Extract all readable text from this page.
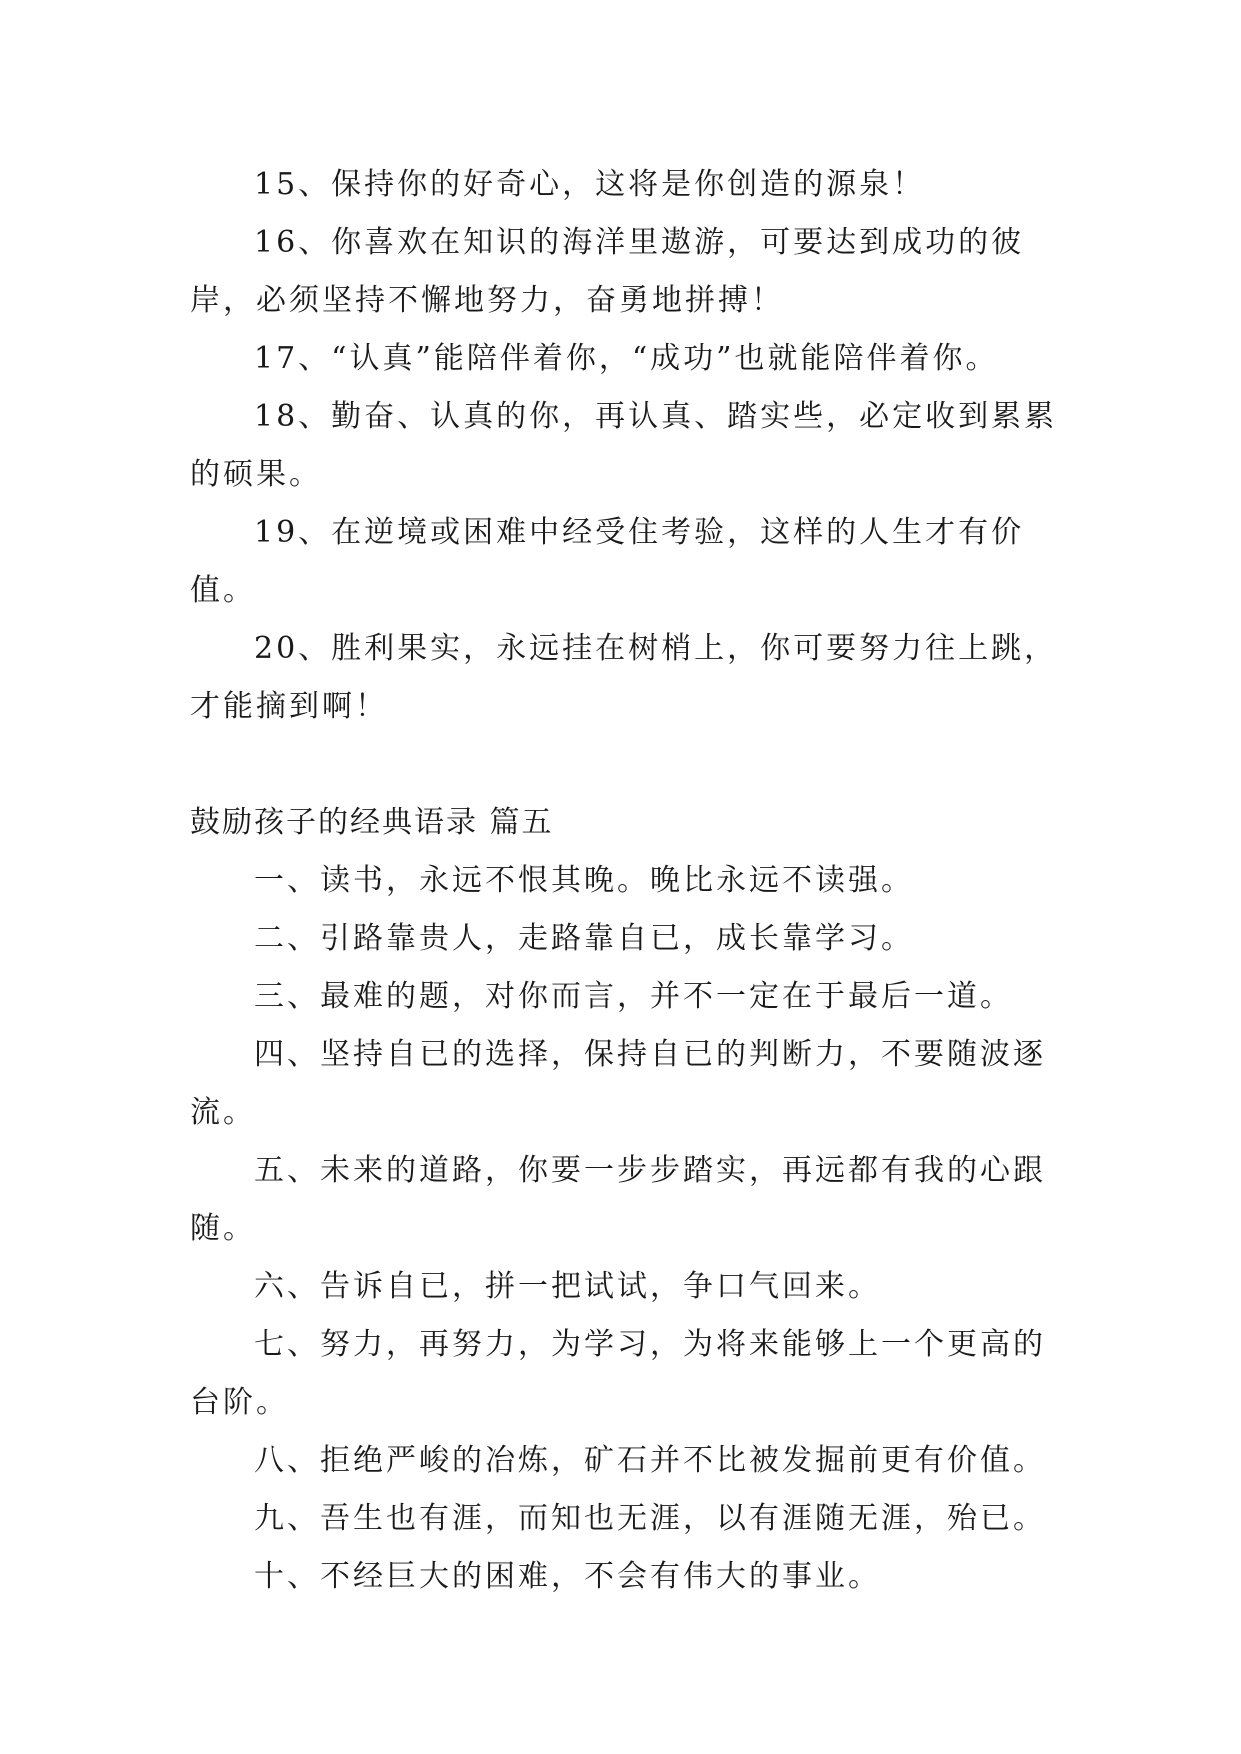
15、保持你的好奇心，这将是你创造的源泉！

16、你喜欢在知识的海洋里遨游，可要达到成功的彼岸，必须坚持不懈地努力，奋勇地拼搏！

17、“认真”能陪伴着你，“成功”也就能陪伴着你。

18、勤奋、认真的你，再认真、踏实些，必定收到累累的硕果。

19、在逆境或困难中经受住考验，这样的人生才有价值。

20、胜利果实，永远挂在树梢上，你可要努力往上跳，才能摘到啊！

鼓励孩子的经典语录 篇五

一、读书，永远不恨其晚。晚比永远不读强。

二、引路靠贵人，走路靠自已，成长靠学习。

三、最难的题，对你而言，并不一定在于最后一道。

四、坚持自已的选择，保持自已的判断力，不要随波逐流。

五、未来的道路，你要一步步踏实，再远都有我的心跟随。

六、告诉自已，拼一把试试，争口气回来。

七、努力，再努力，为学习，为将来能够上一个更高的台阶。

八、拒绝严峻的冶炼，矿石并不比被发掘前更有价值。

九、吾生也有涯，而知也无涯，以有涯随无涯，殆已。

十、不经巨大的困难，不会有伟大的事业。
